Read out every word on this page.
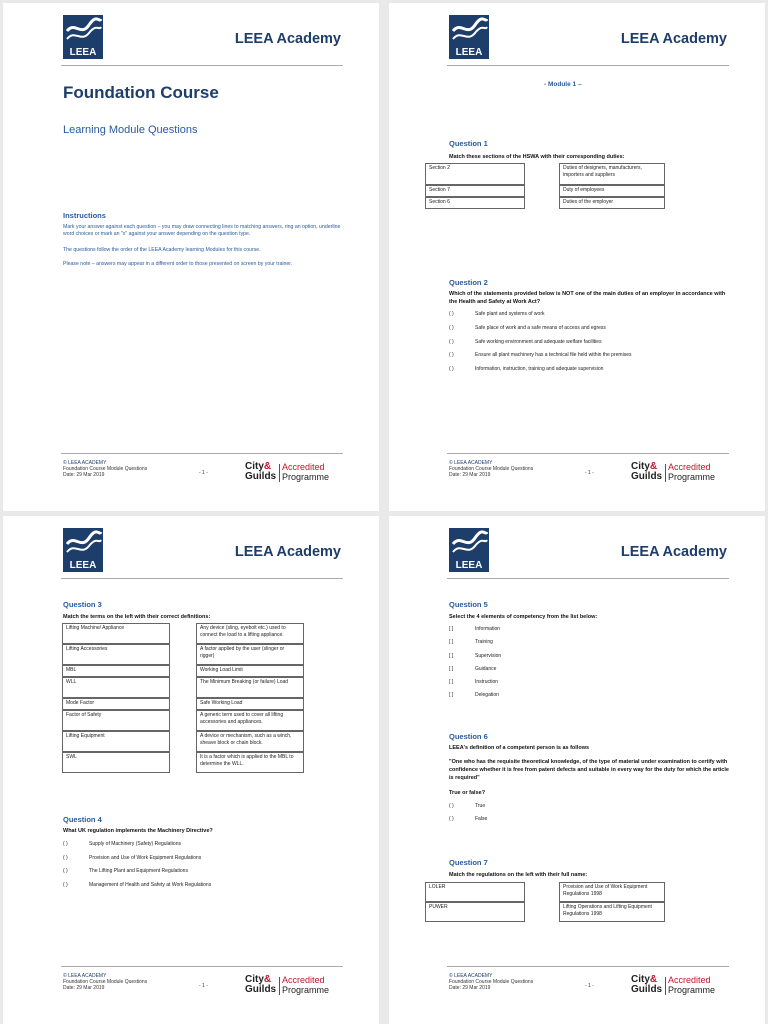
LEEA
LEEA Academy
Foundation Course
Learning Module Questions
Instructions
Mark your answer against each question – you may draw connecting lines to matching answers, ring an option, underline word choices or mark an "x" against your answer depending on the question type.
The questions follow the order of the LEEA Academy learning Modules for this course.
Please note – answers may appear in a different order to those presented on screen by your trainer.
© LEEA ACADEMY
Foundation Course Module Questions
Date: 29 Mar 2019	- 1 -
City&
Guilds
Accredited
Programme
LEEA
LEEA Academy
- Module 1 –
Question 1
Match these sections of the HSWA with their corresponding duties:
Section 2		Duties of designers, manufacturers, importers and suppliers
Section 7		Duty of employees
Section 6		Duties of the employer
Question 2
Which of the statements provided below is NOT one of the main duties of an employer in accordance with the Health and Safety at Work Act?
( )	Safe plant and systems of work
( )	Safe place of work and a safe means of access and egress
( )	Safe working environment and adequate welfare facilities
( )	Ensure all plant machinery has a technical file held within the premises
( )	Information, instruction, training and adequate supervision
© LEEA ACADEMY
Foundation Course Module Questions
Date: 29 Mar 2019	- 1 -
City&
Guilds
Accredited
Programme
LEEA
LEEA Academy
Question 3
Match the terms on the left with their correct definitions:
Lifting Machine/ Appliance		Any device (sling, eyebolt etc.) used to connect the load to a lifting appliance.
Lifting Accessories		A factor applied by the user (slinger or rigger)
MBL		Working Load Limit
WLL		The Minimum Breaking (or failure) Load
Mode Factor		Safe Working Load
Factor of Safety		A generic term used to cover all lifting accessories and appliances.
Lifting Equipment		A device or mechanism, such as a winch, sheave block or chain block.
SWL		It is a factor which is applied to the MBL to determine the WLL.
Question 4
What UK regulation implements the Machinery Directive?
( )	Supply of Machinery (Safety) Regulations
( )	Provision and Use of Work Equipment Regulations
( )	The Lifting Plant and Equipment Regulations
( )	Management of Health and Safety at Work Regulations
© LEEA ACADEMY
Foundation Course Module Questions
Date: 29 Mar 2019	- 1 -
City&
Guilds
Accredited
Programme
LEEA
LEEA Academy
Question 5
Select the 4 elements of competency from the list below:
[ ]	Information
[ ]	Training
[ ]	Supervision
[ ]	Guidance
[ ]	Instruction
[ ]	Delegation
Question 6
LEEA's definition of a competent person is as follows
"One who has the requisite theoretical knowledge, of the type of material under examination to certify with confidence whether it is free from patent defects and suitable in every way for the duty for which the article is required"
True or false?
( )	True
( )	False
Question 7
Match the regulations on the left with their full name:
LOLER		Provision and Use of Work Equipment Regulations 1998
PUWER		Lifting Operations and Lifting Equipment Regulations 1998
© LEEA ACADEMY
Foundation Course Module Questions
Date: 29 Mar 2019	- 1 -
City&
Guilds
Accredited
Programme
